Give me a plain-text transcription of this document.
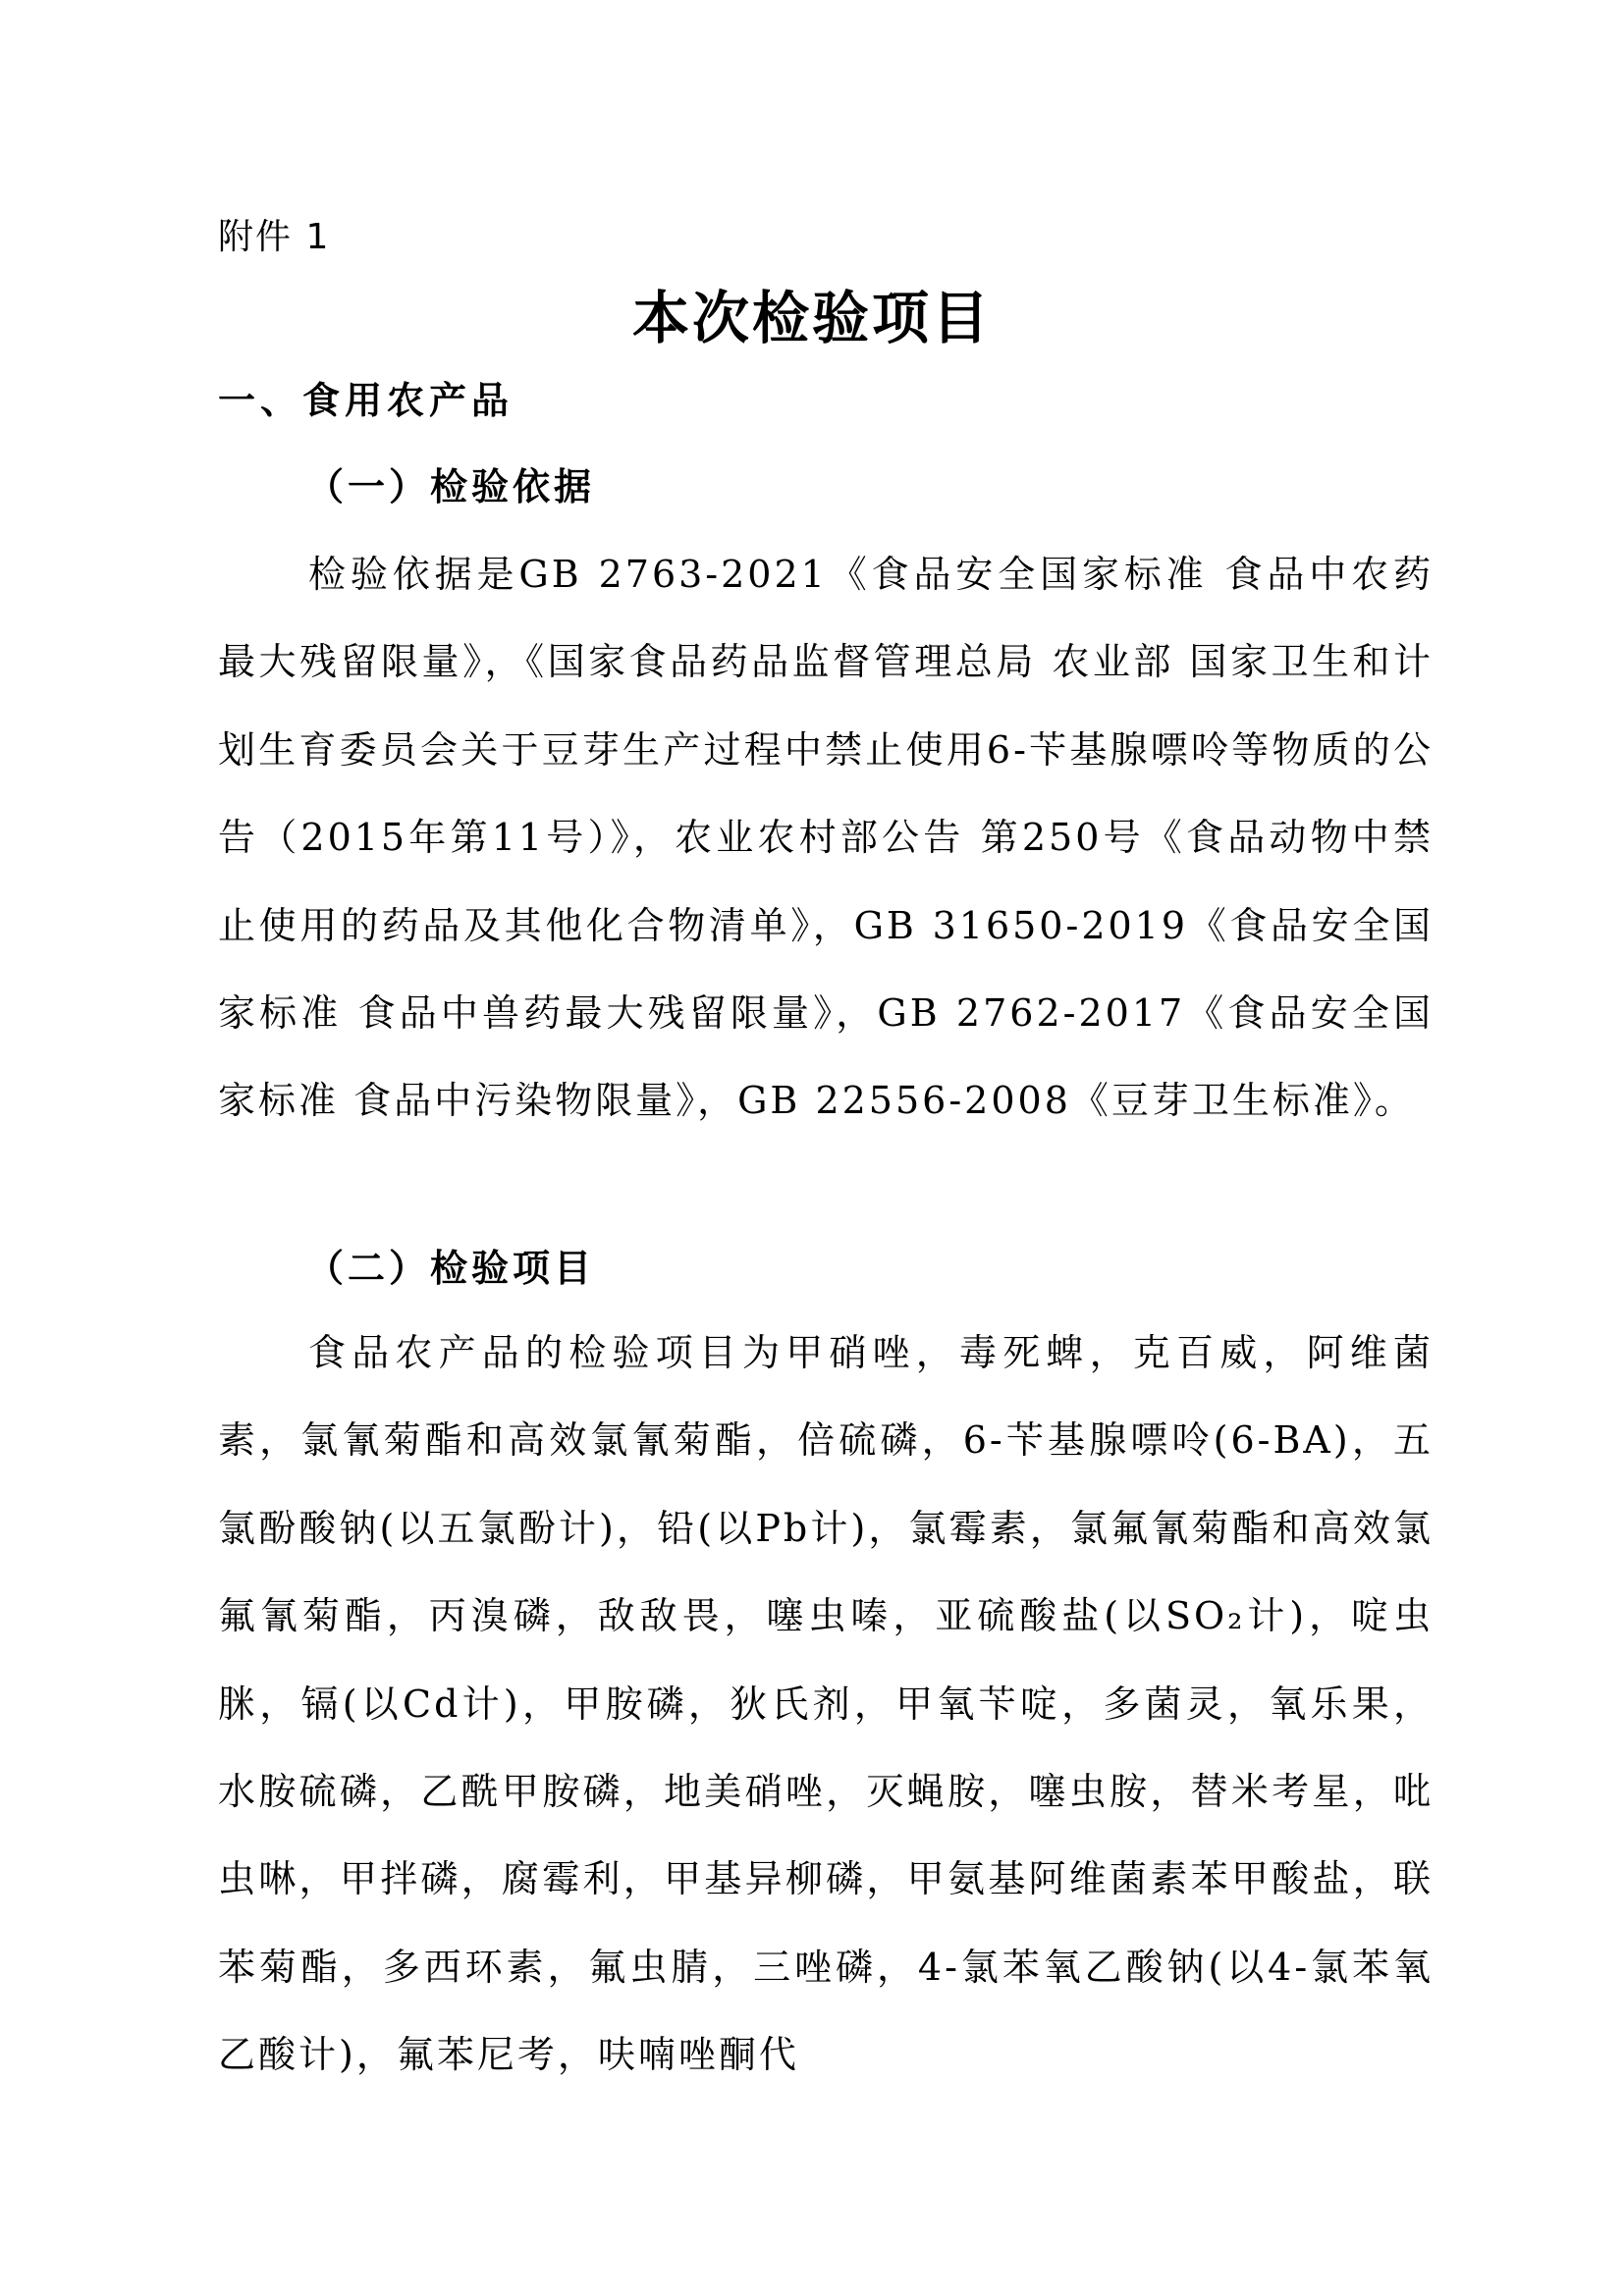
附件 1
本次检验项目
一、食用农产品
（一）检验依据
检验依据是GB 2763-2021《食品安全国家标准 食品中农药最大残留限量》，《国家食品药品监督管理总局 农业部 国家卫生和计划生育委员会关于豆芽生产过程中禁止使用6-苄基腺嘌呤等物质的公告（2015年第11号）》，农业农村部公告 第250号《食品动物中禁止使用的药品及其他化合物清单》，GB 31650-2019《食品安全国家标准 食品中兽药最大残留限量》，GB 2762-2017《食品安全国家标准 食品中污染物限量》，GB 22556-2008《豆芽卫生标准》。
（二）检验项目
食品农产品的检验项目为甲硝唑，毒死蜱，克百威，阿维菌素，氯氰菊酯和高效氯氰菊酯，倍硫磷，6-苄基腺嘌呤(6-BA)，五氯酚酸钠(以五氯酚计)，铅(以Pb计)，氯霉素，氯氟氰菊酯和高效氯氟氰菊酯，丙溴磷，敌敌畏，噻虫嗪，亚硫酸盐(以SO₂计)，啶虫脒，镉(以Cd计)，甲胺磷，狄氏剂，甲氧苄啶，多菌灵，氧乐果，水胺硫磷，乙酰甲胺磷，地美硝唑，灭蝇胺，噻虫胺，替米考星，吡虫啉，甲拌磷，腐霉利，甲基异柳磷，甲氨基阿维菌素苯甲酸盐，联苯菊酯，多西环素，氟虫腈，三唑磷，4-氯苯氧乙酸钠(以4-氯苯氧乙酸计)，氟苯尼考，呋喃唑酮代
